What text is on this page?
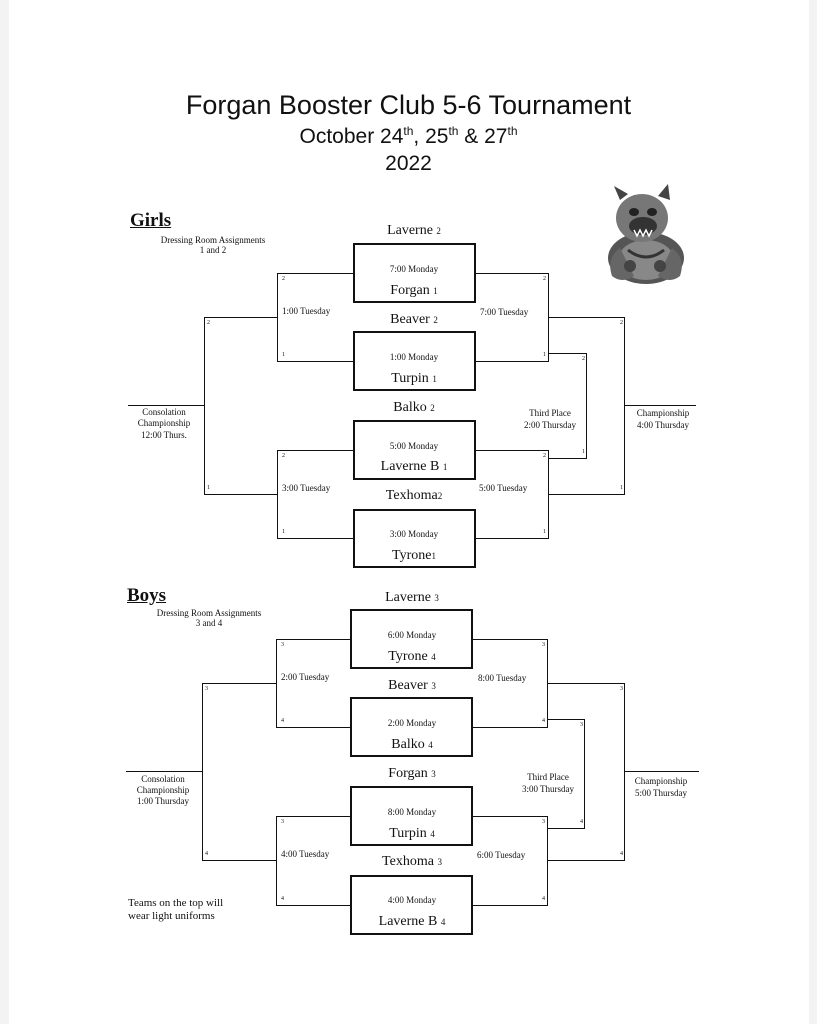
Forgan Booster Club 5-6 Tournament
October 24th, 25th & 27th
2022
Girls
Dressing Room Assignments
1 and 2
Laverne 2
7:00 Monday
Forgan 1
Beaver 2
1:00 Monday
Turpin 1
Balko 2
5:00 Monday
Laverne B 1
Texhoma2
3:00 Monday
Tyrone1
1:00 Tuesday
3:00 Tuesday
7:00 Tuesday
5:00 Tuesday
Consolation
Championship
12:00 Thurs.
Third Place
2:00 Thursday
Championship
4:00 Thursday
2
1
2
1
2
1
2
1
2
1
2
1
2
1
Boys
Dressing Room Assignments
3 and 4
Laverne 3
6:00 Monday
Tyrone 4
Beaver 3
2:00 Monday
Balko 4
Forgan 3
8:00 Monday
Turpin 4
Texhoma 3
4:00 Monday
Laverne B 4
2:00 Tuesday
4:00 Tuesday
8:00 Tuesday
6:00 Tuesday
Consolation
Championship
1:00 Thursday
Third Place
3:00 Thursday
Championship
5:00 Thursday
3
4
3
4
3
4
3
4
3
4
3
4
3
4
Teams on the top will
wear light uniforms
